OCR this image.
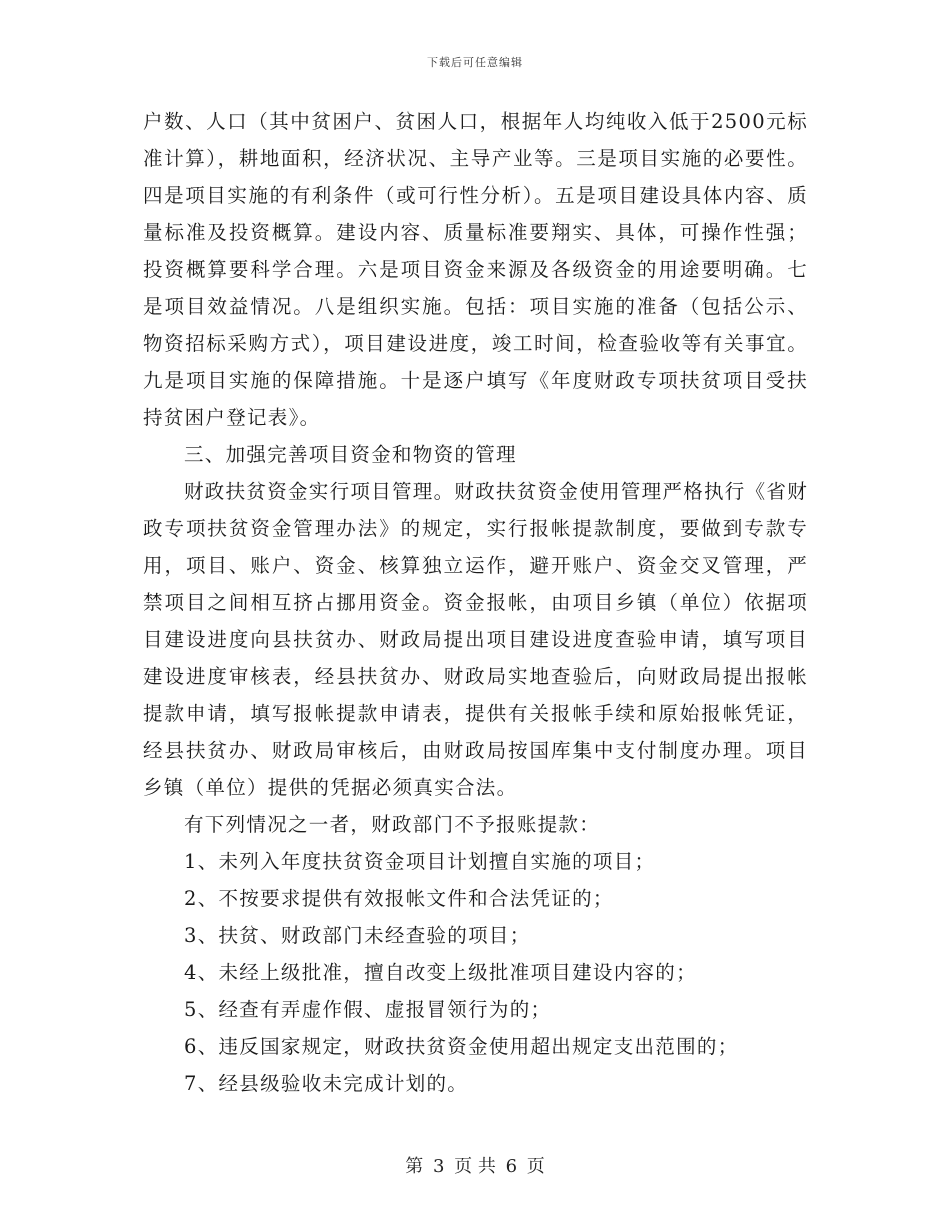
下载后可任意编辑

户数、人口（其中贫困户、贫困人口，根据年人均纯收入低于2500元标准计算），耕地面积，经济状况、主导产业等。三是项目实施的必要性。四是项目实施的有利条件（或可行性分析）。五是项目建设具体内容、质量标准及投资概算。建设内容、质量标准要翔实、具体，可操作性强；投资概算要科学合理。六是项目资金来源及各级资金的用途要明确。七是项目效益情况。八是组织实施。包括：项目实施的准备（包括公示、物资招标采购方式），项目建设进度，竣工时间，检查验收等有关事宜。九是项目实施的保障措施。十是逐户填写《年度财政专项扶贫项目受扶持贫困户登记表》。

三、加强完善项目资金和物资的管理

财政扶贫资金实行项目管理。财政扶贫资金使用管理严格执行《省财政专项扶贫资金管理办法》的规定，实行报帐提款制度，要做到专款专用，项目、账户、资金、核算独立运作，避开账户、资金交叉管理，严禁项目之间相互挤占挪用资金。资金报帐，由项目乡镇（单位）依据项目建设进度向县扶贫办、财政局提出项目建设进度查验申请，填写项目建设进度审核表，经县扶贫办、财政局实地查验后，向财政局提出报帐提款申请，填写报帐提款申请表，提供有关报帐手续和原始报帐凭证，经县扶贫办、财政局审核后，由财政局按国库集中支付制度办理。项目乡镇（单位）提供的凭据必须真实合法。

有下列情况之一者，财政部门不予报账提款：

1、未列入年度扶贫资金项目计划擅自实施的项目；

2、不按要求提供有效报帐文件和合法凭证的；

3、扶贫、财政部门未经查验的项目；

4、未经上级批准，擅自改变上级批准项目建设内容的；

5、经查有弄虚作假、虚报冒领行为的；

6、违反国家规定，财政扶贫资金使用超出规定支出范围的；

7、经县级验收未完成计划的。

第 3 页 共 6 页
